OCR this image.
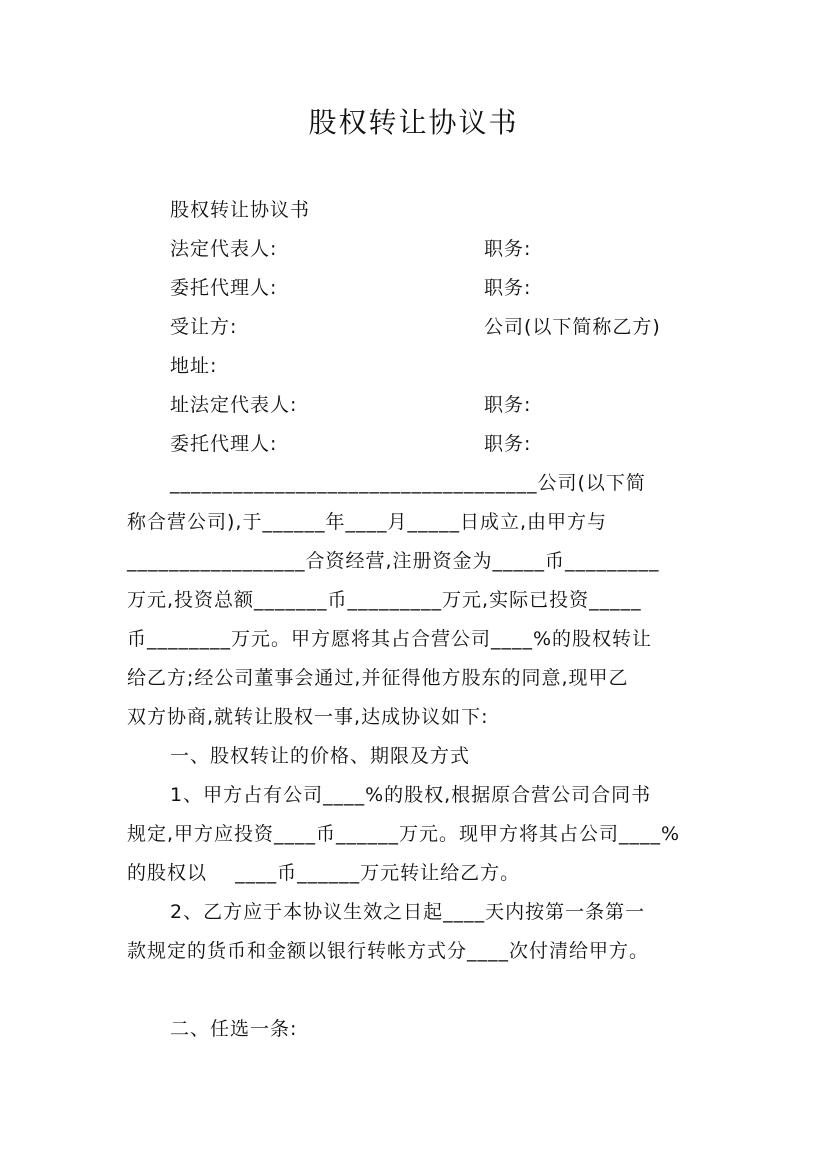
股权转让协议书
股权转让协议书
法定代表人:	职务:
委托代理人:	职务:
受让方:	公司(以下简称乙方)
地址:
址法定代表人:	职务:
委托代理人:	职务:
___________________________________公司(以下简
称合营公司),于______年____月_____日成立,由甲方与
_________________合资经营,注册资金为_____币_________
万元,投资总额_______币_________万元,实际已投资_____
币________万元。甲方愿将其占合营公司____%的股权转让
给乙方;经公司董事会通过,并征得他方股东的同意,现甲乙
双方协商,就转让股权一事,达成协议如下:
一、股权转让的价格、期限及方式
1、甲方占有公司____%的股权,根据原合营公司合同书
规定,甲方应投资____币______万元。现甲方将其占公司____%
的股权以    ____币______万元转让给乙方。
2、乙方应于本协议生效之日起____天内按第一条第一
款规定的货币和金额以银行转帐方式分____次付清给甲方。
二、任选一条:
